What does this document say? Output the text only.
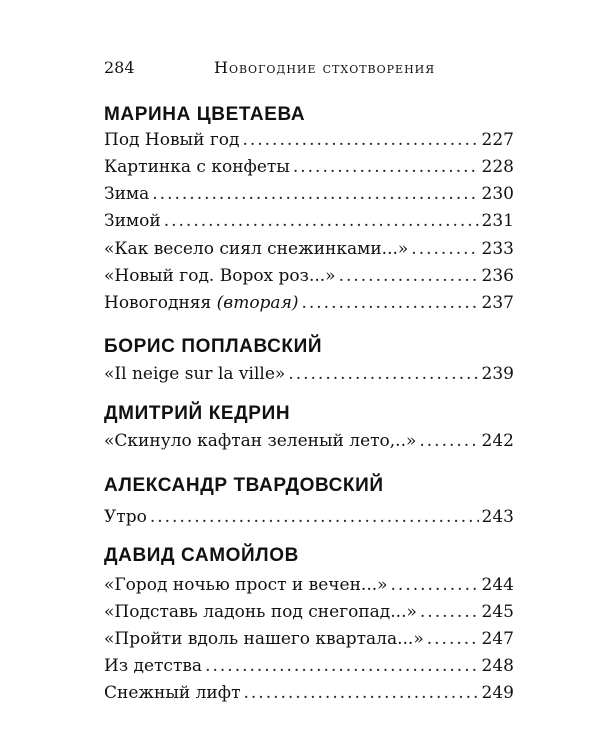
284	Новогодние стхотворения
МАРИНА ЦВЕТАЕВА
Под Новый год .....	227
Картинка с конфеты .....	228
Зима .....	230
Зимой .....	231
«Как весело сиял снежинками...» .....	233
«Новый год. Ворох роз...» .....	236
Новогодняя (вторая) .....	237
БОРИС ПОПЛАВСКИЙ
«Il neige sur la ville» .....	239
ДМИТРИЙ КЕДРИН
«Скинуло кафтан зеленый лето,..» .....	242
АЛЕКСАНДР ТВАРДОВСКИЙ
Утро .....	243
ДАВИД САМОЙЛОВ
«Город ночью прост и вечен...» .....	244
«Подставь ладонь под снегопад...» .....	245
«Пройти вдоль нашего квартала...» .....	247
Из детства .....	248
Снежный лифт .....	249
